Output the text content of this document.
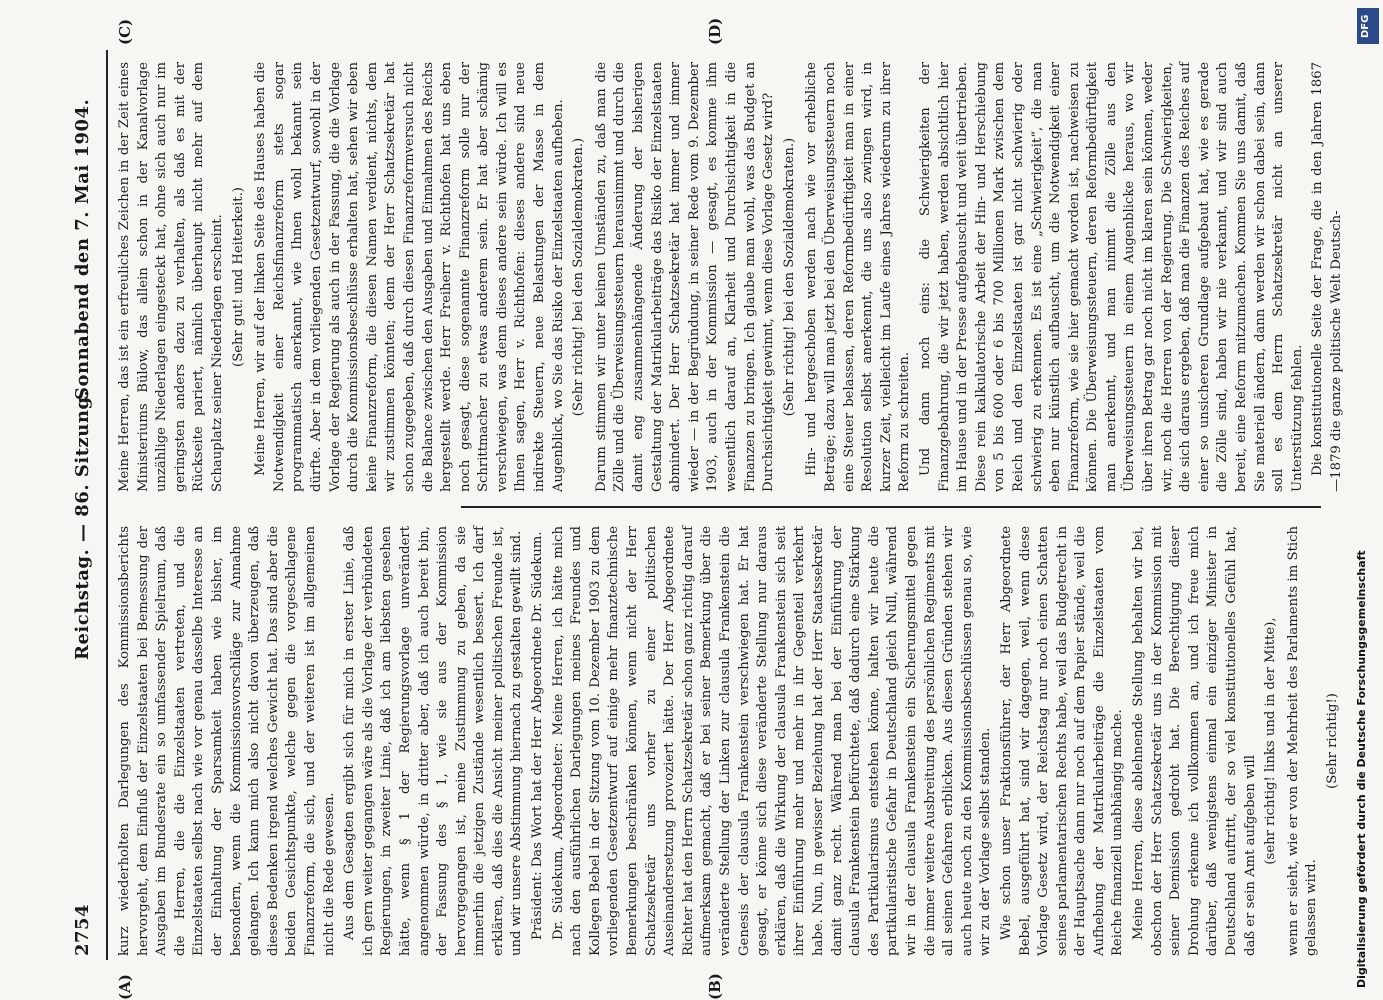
2754
Reichstag. — 86. Sitzung.
Sonnabend den 7. Mai 1904.

kurz wiederholten Darlegungen des Kommissionsberichts hervorgeht, dem Einfluß der Einzelstaaten bei Bemessung der Ausgaben im Bundesrate ein so umfassender Spielraum, daß die Herren, die die Einzelstaaten vertreten, und die Einzelstaaten selbst nach wie vor genau dasselbe Interesse an der Einhaltung der Sparsamkeit haben wie bisher, im besondern, wenn die Kommissionsvorschläge zur Annahme gelangen. Ich kann mich also nicht davon überzeugen, daß dieses Bedenken irgend welches Gewicht hat. Das sind aber die beiden Gesichtspunkte, welche gegen die vorgeschlagene Finanzreform, die sich, und der weiteren ist im allgemeinen nicht die Rede gewesen. Aus dem Gesagten ergibt sich für mich in erster Linie, daß ich gern weiter gegangen wäre als die Vorlage der verbündeten Regierungen, in zweiter Linie, daß ich am liebsten gesehen hätte, wenn § 1 der Regierungsvorlage unverändert angenommen würde, in dritter aber, daß ich auch bereit bin, der Fassung des § 1, wie sie aus der Kommission hervorgegangen ist, meine Zustimmung zu geben, da sie immerhin die jetzigen Zustände wesentlich bessert. Ich darf erklären, daß dies die Ansicht meiner politischen Freunde ist, und wir unsere Abstimmung hiernach zu gestalten gewillt sind. Präsident: Das Wort hat der Herr Abgeordnete Dr. Südekum. Dr. Südekum, Abgeordneter: Meine Herren, ich hätte mich nach den ausführlichen Darlegungen meines Freundes und Kollegen Bebel in der Sitzung vom 10. Dezember 1903 zu dem vorliegenden Gesetzentwurf auf einige mehr finanztechnische Bemerkungen beschränken können, wenn nicht der Herr Schatzsekretär uns vorher zu einer politischen Auseinandersetzung provoziert hätte. Der Herr Abgeordnete Richter hat den Herrn Schatzsekretär schon ganz richtig darauf aufmerksam gemacht, daß er bei seiner Bemerkung über die veränderte Stellung der Linken zur clausula Frankenstein die Genesis der clausula Frankenstein verschwiegen hat. Er hat gesagt, er könne sich diese veränderte Stellung nur daraus erklären, daß die Wirkung der clausula Frankenstein sich seit ihrer Einführung mehr und mehr in ihr Gegenteil verkehrt habe. Nun, in gewisser Beziehung hat der Herr Staatssekretär damit ganz recht. Während man bei der Einführung der clausula Frankenstein befürchtete, daß dadurch eine Stärkung des Partikularismus entstehen könne, halten wir heute die partikularistische Gefahr in Deutschland gleich Null, während wir in der clausula Frankenstein ein Sicherungsmittel gegen die immer weitere Ausbreitung des persönlichen Regiments mit all seinen Gefahren erblicken. Aus diesen Gründen stehen wir auch heute noch zu den Kommissionsbeschlüssen genau so, wie wir zu der Vorlage selbst standen. Wie schon unser Fraktionsführer, der Herr Abgeordnete Bebel, ausgeführt hat, sind wir dagegen, weil, wenn diese Vorlage Gesetz wird, der Reichstag nur noch einen Schatten seines parlamentarischen Rechts habe, weil das Budgetrecht in der Hauptsache dann nur noch auf dem Papier stände, weil die Aufhebung der Matrikularbeiträge die Einzelstaaten vom Reiche finanziell unabhängig mache. Meine Herren, diese ablehnende Stellung behalten wir bei, obschon der Herr Schatzsekretär uns in der Kommission mit seiner Demission gedroht hat. Die Berechtigung dieser Drohung erkenne ich vollkommen an, und ich freue mich darüber, daß wenigstens einmal ein einziger Minister in Deutschland auftritt, der so viel konstitutionelles Gefühl hat, daß er sein Amt aufgeben will (sehr richtig! links und in der Mitte), wenn er sieht, wie er von der Mehrheit des Parlaments im Stich gelassen wird.

(Sehr richtig!)

Meine Herren, das ist ein erfreuliches Zeichen in der Zeit eines Ministeriums Bülow, das allein schon in der Kanalvorlage unzählige Niederlagen eingesteckt hat, ohne sich auch nur im geringsten anders dazu zu verhalten, als daß es mit der Rückseite pariert, nämlich überhaupt nicht mehr auf dem Schauplatz seiner Niederlagen erscheint. (Sehr gut! und Heiterkeit.) Meine Herren, wir auf der linken Seite des Hauses haben die Notwendigkeit einer Reichsfinanzreform stets sogar programmatisch anerkannt, wie Ihnen wohl bekannt sein dürfte. Aber in dem vorliegenden Gesetzentwurf, sowohl in der Vorlage der Regierung als auch in der Fassung, die die Vorlage durch die Kommissionsbeschlüsse erhalten hat, sehen wir eben keine Finanzreform, die diesen Namen verdient, nichts, dem wir zustimmen könnten; denn der Herr Schatzsekretär hat schon zugegeben, daß durch diesen Finanzreformversuch nicht die Balance zwischen den Ausgaben und Einnahmen des Reichs hergestellt werde. Herr Freiherr v. Richthofen hat uns eben noch gesagt, diese sogenannte Finanzreform solle nur der Schrittmacher zu etwas anderem sein. Er hat aber schämig verschwiegen, was denn dieses andere sein würde. Ich will es Ihnen sagen, Herr v. Richthofen: dieses andere sind neue indirekte Steuern, neue Belastungen der Masse in dem Augenblick, wo Sie das Risiko der Einzelstaaten aufheben. (Sehr richtig! bei den Sozialdemokraten.) Darum stimmen wir unter keinen Umständen zu, daß man die Zölle und die Überweisungssteuern herausnimmt und durch die damit eng zusammenhängende Änderung der bisherigen Gestaltung der Matrikularbeiträge das Risiko der Einzelstaaten abmindert. Der Herr Schatzsekretär hat immer und immer wieder — in der Begründung, in seiner Rede vom 9. Dezember 1903, auch in der Kommission — gesagt, es komme ihm wesentlich darauf an, Klarheit und Durchsichtigkeit in die Finanzen zu bringen. Ich glaube man wohl, was das Budget an Durchsichtigkeit gewinnt, wenn diese Vorlage Gesetz wird? (Sehr richtig! bei den Sozialdemokraten.) Hin- und hergeschoben werden nach wie vor erhebliche Beträge; dazu will man jetzt bei den Überweisungssteuern noch eine Steuer belassen, deren Reformbedürftigkeit man in einer Resolution selbst anerkennt, die uns also zwingen wird, in kurzer Zeit, vielleicht im Laufe eines Jahres wiederum zu ihrer Reform zu schreiten. Und dann noch eins: die Schwierigkeiten der Finanzgebahrung, die wir jetzt haben, werden absichtlich hier im Hause und in der Presse aufgebauscht und weit übertrieben. Diese rein kalkulatorische Arbeit der Hin- und Herschiebung von 5 bis 600 oder 6 bis 700 Millionen Mark zwischen dem Reich und den Einzelstaaten ist gar nicht schwierig oder schwierig zu erkennen. Es ist eine „Schwierigkeit“, die man eben nur künstlich aufbauscht, um die Notwendigkeit einer Finanzreform, wie sie hier gemacht worden ist, nachweisen zu können. Die Überweisungssteuern, deren Reformbedürftigkeit man anerkennt, und man nimmt die Zölle aus den Überweisungssteuern in einem Augenblicke heraus, wo wir über ihren Betrag gar noch nicht im klaren sein können, weder wir, noch die Herren von der Regierung. Die Schwierigkeiten, die sich daraus ergeben, daß man die Finanzen des Reiches auf einer so unsicheren Grundlage aufgebaut hat, wie es gerade die Zölle sind, haben wir nie verkannt, und wir sind auch bereit, eine Reform mitzumachen. Kommen Sie uns damit, daß Sie materiell ändern, dann werden wir schon dabei sein, dann soll es dem Herrn Schatzsekretär nicht an unserer Unterstützung fehlen. Die konstitutionelle Seite der Frage, die in den Jahren 1867—1879 die ganze politische Welt Deutsch-

(A)	(B)
(C)	(D)
Digitalisierung gefördert durch die Deutsche Forschungsgemeinschaft
DFG
